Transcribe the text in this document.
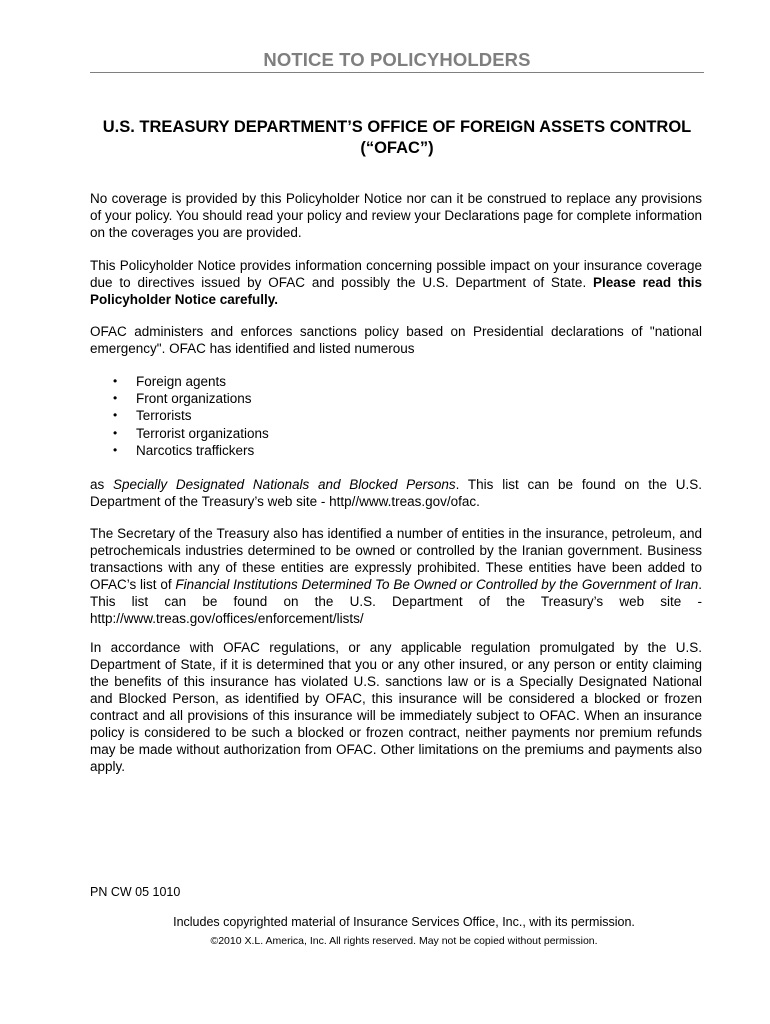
NOTICE TO POLICYHOLDERS
U.S. TREASURY DEPARTMENT’S OFFICE OF FOREIGN ASSETS CONTROL
(“OFAC”)

No coverage is provided by this Policyholder Notice nor can it be construed to replace any provisions of your policy. You should read your policy and review your Declarations page for complete information on the coverages you are provided.

This Policyholder Notice provides information concerning possible impact on your insurance coverage due to directives issued by OFAC and possibly the U.S. Department of State. Please read this Policyholder Notice carefully.

OFAC administers and enforces sanctions policy based on Presidential declarations of "national emergency". OFAC has identified and listed numerous

• Foreign agents
• Front organizations
• Terrorists
• Terrorist organizations
• Narcotics traffickers

as Specially Designated Nationals and Blocked Persons. This list can be found on the U.S. Department of the Treasury’s web site - http//www.treas.gov/ofac.

The Secretary of the Treasury also has identified a number of entities in the insurance, petroleum, and petrochemicals industries determined to be owned or controlled by the Iranian government. Business transactions with any of these entities are expressly prohibited. These entities have been added to OFAC’s list of Financial Institutions Determined To Be Owned or Controlled by the Government of Iran. This list can be found on the U.S. Department of the Treasury’s web site - http://www.treas.gov/offices/enforcement/lists/

In accordance with OFAC regulations, or any applicable regulation promulgated by the U.S. Department of State, if it is determined that you or any other insured, or any person or entity claiming the benefits of this insurance has violated U.S. sanctions law or is a Specially Designated National and Blocked Person, as identified by OFAC, this insurance will be considered a blocked or frozen contract and all provisions of this insurance will be immediately subject to OFAC. When an insurance policy is considered to be such a blocked or frozen contract, neither payments nor premium refunds may be made without authorization from OFAC. Other limitations on the premiums and payments also apply.

PN CW 05 1010
Includes copyrighted material of Insurance Services Office, Inc., with its permission.
©2010 X.L. America, Inc. All rights reserved. May not be copied without permission.
